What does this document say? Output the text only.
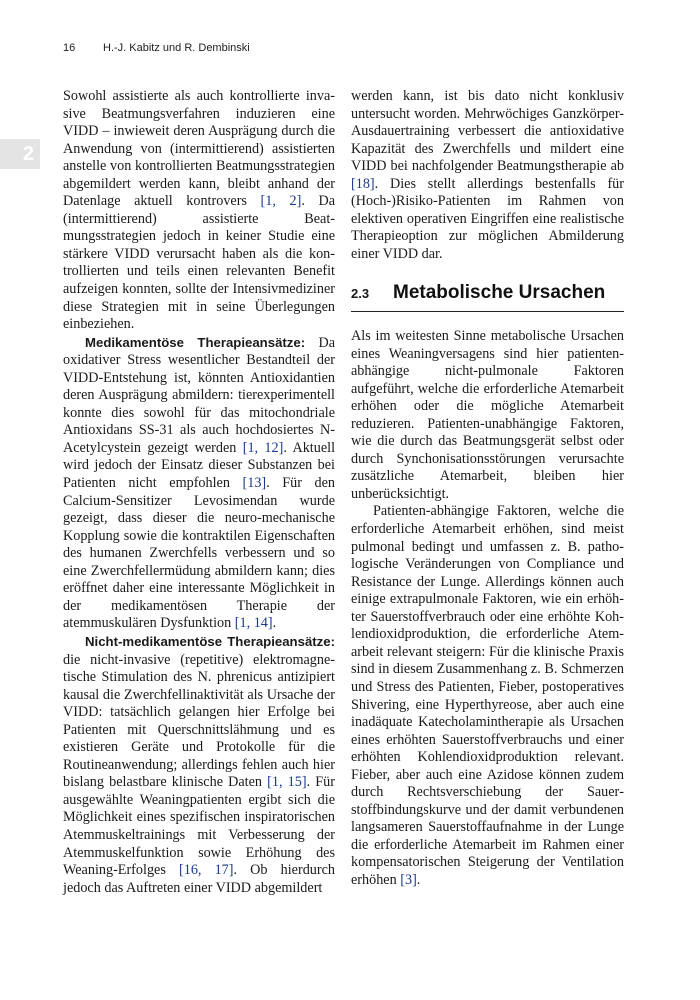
16	H.-J. Kabitz und R. Dembinski
2

Sowohl assistierte als auch kontrollierte invasive Beatmungsverfahren induzieren eine VIDD – inwieweit deren Ausprägung durch die Anwendung von (intermittierend) assistierten anstelle von kontrollierten Beatmungsstrategien abgemildert werden kann, bleibt anhand der Datenlage aktuell kontrovers [1, 2]. Da (intermittierend) assistierte Beatmungsstrategien jedoch in keiner Studie eine stärkere VIDD verursacht haben als die kontrollierten und teils einen relevanten Benefit aufzeigen konnten, sollte der Intensivmediziner diese Strategien mit in seine Überlegungen einbeziehen.

Medikamentöse Therapieansätze: Da oxidativer Stress wesentlicher Bestandteil der VIDD-Entstehung ist, könnten Antioxidantien deren Ausprägung abmildern: tierexperimentell konnte dies sowohl für das mitochondriale Antioxidans SS-31 als auch hochdosiertes N-Acetylcystein gezeigt werden [1, 12]. Aktuell wird jedoch der Einsatz dieser Substanzen bei Patienten nicht empfohlen [13]. Für den Calcium-Sensitizer Levosimendan wurde gezeigt, dass dieser die neuro-mechanische Kopplung sowie die kontraktilen Eigenschaften des humanen Zwerchfells verbessern und so eine Zwerchfellermüdung abmildern kann; dies eröffnet daher eine interessante Möglichkeit in der medikamentösen Therapie der atemmuskulären Dysfunktion [1, 14].

Nicht-medikamentöse Therapieansätze: die nicht-invasive (repetitive) elektromagnetische Stimulation des N. phrenicus antizipiert kausal die Zwerchfellinaktivität als Ursache der VIDD: tatsächlich gelangen hier Erfolge bei Patienten mit Querschnittslähmung und es existieren Geräte und Protokolle für die Routineanwendung; allerdings fehlen auch hier bislang belastbare klinische Daten [1, 15]. Für ausgewählte Weaningpatienten ergibt sich die Möglichkeit eines spezifischen inspiratorischen Atemmuskeltrainings mit Verbesserung der Atemmuskelfunktion sowie Erhöhung des Weaning-Erfolges [16, 17]. Ob hierdurch jedoch das Auftreten einer VIDD abgemildert

werden kann, ist bis dato nicht konklusiv untersucht worden. Mehrwöchiges Ganzkörper-Ausdauertraining verbessert die antioxidative Kapazität des Zwerchfells und mildert eine VIDD bei nachfolgender Beatmungstherapie ab [18]. Dies stellt allerdings bestenfalls für (Hoch-)Risiko-Patienten im Rahmen von elektiven operativen Eingriffen eine realistische Therapieoption zur möglichen Abmilderung einer VIDD dar.

2.3	Metabolische Ursachen

Als im weitesten Sinne metabolische Ursachen eines Weaningversagens sind hier patienten-abhängige nicht-pulmonale Faktoren aufgeführt, welche die erforderliche Atemarbeit erhöhen oder die mögliche Atemarbeit reduzieren. Patienten-unabhängige Faktoren, wie die durch das Beatmungsgerät selbst oder durch Synchonisationsstörungen verursachte zusätzliche Atemarbeit, bleiben hier unberücksichtigt.

Patienten-abhängige Faktoren, welche die erforderliche Atemarbeit erhöhen, sind meist pulmonal bedingt und umfassen z. B. pathologische Veränderungen von Compliance und Resistance der Lunge. Allerdings können auch einige extrapulmonale Faktoren, wie ein erhöhter Sauerstoffverbrauch oder eine erhöhte Kohlendioxidproduktion, die erforderliche Atemarbeit relevant steigern: Für die klinische Praxis sind in diesem Zusammenhang z. B. Schmerzen und Stress des Patienten, Fieber, postoperatives Shivering, eine Hyperthyreose, aber auch eine inadäquate Katecholamintherapie als Ursachen eines erhöhten Sauerstoffverbrauchs und einer erhöhten Kohlendioxidproduktion relevant. Fieber, aber auch eine Azidose können zudem durch Rechtsverschiebung der Sauerstoffbindungskurve und der damit verbundenen langsameren Sauerstoffaufnahme in der Lunge die erforderliche Atemarbeit im Rahmen einer kompensatorischen Steigerung der Ventilation erhöhen [3].
